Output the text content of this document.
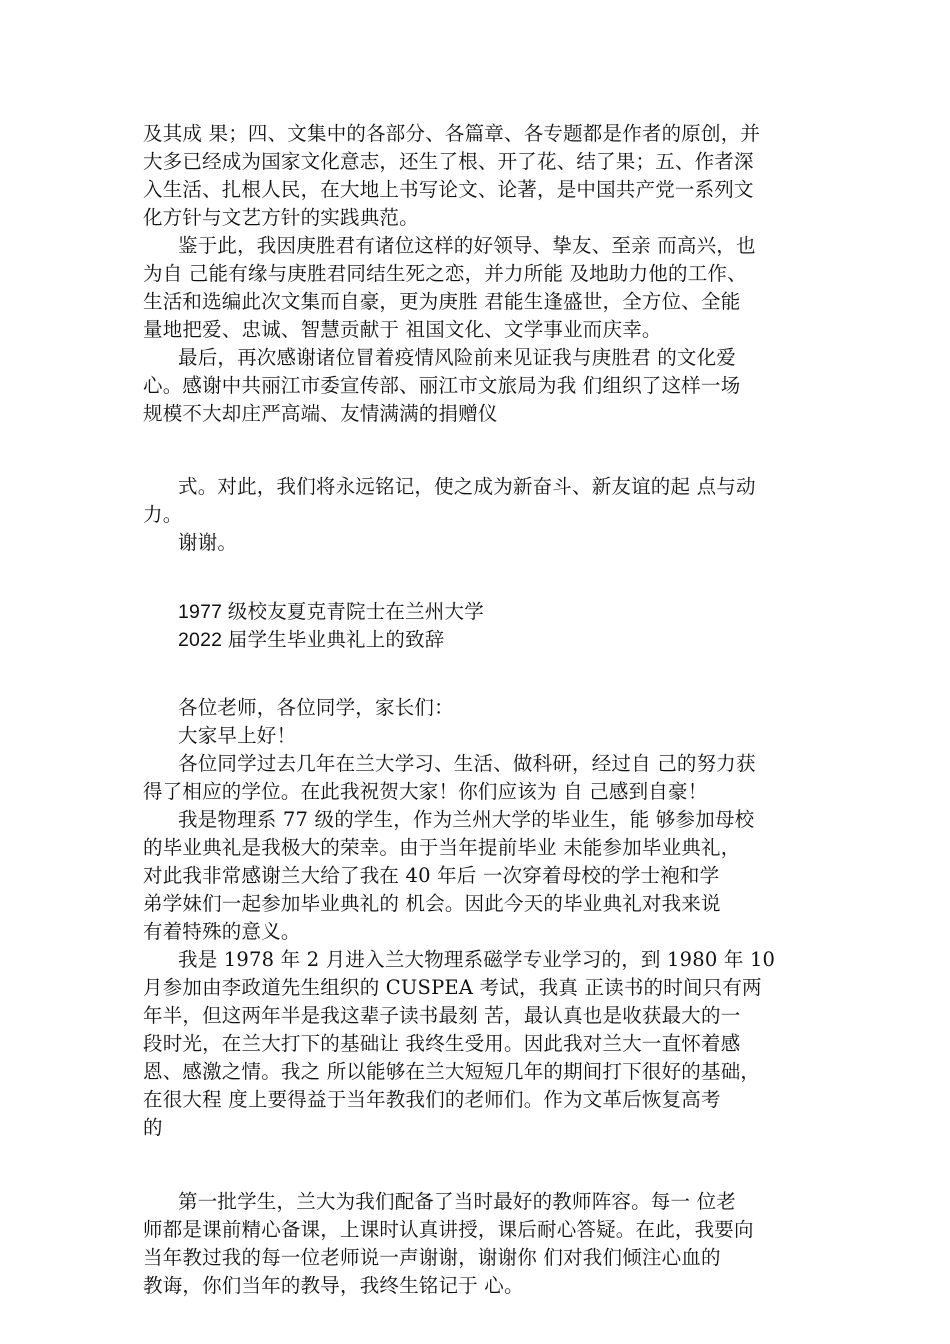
及其成 果；四、文集中的各部分、各篇章、各专题都是作者的原创，并
大多已经成为国家文化意志，还生了根、开了花、结了果；五、作者深
入生活、扎根人民，在大地上书写论文、论著，是中国共产党一系列文
化方针与文艺方针的实践典范。
鉴于此，我因庚胜君有诸位这样的好领导、挚友、至亲 而高兴，也
为自 己能有缘与庚胜君同结生死之恋，并力所能 及地助力他的工作、
生活和选编此次文集而自豪，更为庚胜 君能生逢盛世，全方位、全能
量地把爱、忠诚、智慧贡献于 祖国文化、文学事业而庆幸。
最后，再次感谢诸位冒着疫情风险前来见证我与庚胜君 的文化爱
心。感谢中共丽江市委宣传部、丽江市文旅局为我 们组织了这样一场
规模不大却庄严高端、友情满满的捐赠仪
式。对此，我们将永远铭记，使之成为新奋斗、新友谊的起 点与动
力。
谢谢。
1977 级校友夏克青院士在兰州大学
2022 届学生毕业典礼上的致辞
各位老师，各位同学，家长们：
大家早上好！
各位同学过去几年在兰大学习、生活、做科研，经过自 己的努力获
得了相应的学位。在此我祝贺大家！你们应该为 自 己感到自豪！
我是物理系 77 级的学生，作为兰州大学的毕业生，能 够参加母校
的毕业典礼是我极大的荣幸。由于当年提前毕业 未能参加毕业典礼，
对此我非常感谢兰大给了我在 40 年后 一次穿着母校的学士袍和学
弟学妹们一起参加毕业典礼的 机会。因此今天的毕业典礼对我来说
有着特殊的意义。
我是 1978 年 2 月进入兰大物理系磁学专业学习的，到 1980 年 10
月参加由李政道先生组织的 CUSPEA 考试，我真 正读书的时间只有两
年半，但这两年半是我这辈子读书最刻 苦，最认真也是收获最大的一
段时光，在兰大打下的基础让 我终生受用。因此我对兰大一直怀着感
恩、感激之情。我之 所以能够在兰大短短几年的期间打下很好的基础，
在很大程 度上要得益于当年教我们的老师们。作为文革后恢复高考
的
第一批学生，兰大为我们配备了当时最好的教师阵容。每一 位老
师都是课前精心备课，上课时认真讲授，课后耐心答疑。在此，我要向
当年教过我的每一位老师说一声谢谢，谢谢你 们对我们倾注心血的
教诲，你们当年的教导，我终生铭记于 心。
